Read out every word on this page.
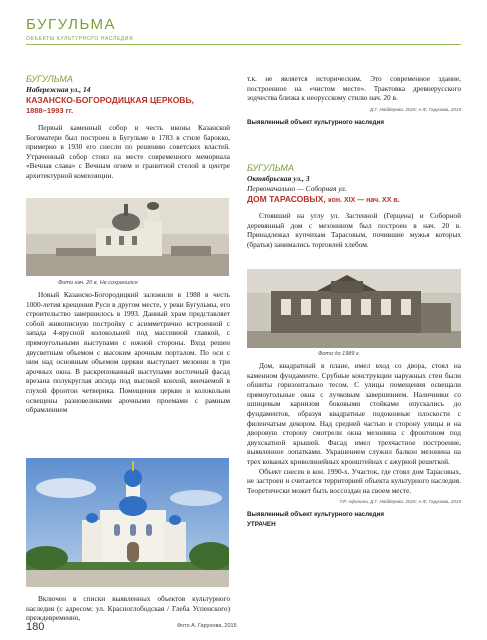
БУГУЛЬМА
ОБЪЕКТЫ КУЛЬТУРНОГО НАСЛЕДИЯ
БУГУЛЬМА
Набережная ул., 14
КАЗАНСКО-БОГОРОДИЦКАЯ ЦЕРКОВЬ,
1888–1993 гг.

Первый каменный собор в честь иконы Казанской Богоматери был построен в Бугульме в 1783 в стиле барокко, примерно в 1930 его снесли по решению советских властей. Утраченный собор стоял на месте современного мемориала «Вечная слава» с Вечным огнем и гранитной стелой в центре архитектурной композиции.

Фото нач. 20 в. Не сохранился

Новый Казанско-Богородицкий заложили в 1988 в честь 1000-летия крещения Руси в другом месте, у реки Бугульмы, его строительство завершилось в 1993. Данный храм представляет собой живописную постройку с асимметрично встроенной с запада 4-ярусной колокольней под массивной главкой, с прямоугольными выступами с южной стороны. Вход решен двусветным объемом с высоким арочным порталом. По оси с ним над основным объемом церкви выступает мезонин в три арочных окна. В раскрепованный выступами восточный фасад врезана полукруглая апсида под высокой конхой, венчаемой в глухой фронтон четверика. Помещения церкви и колокольни освещены разновеликими арочными проемами с рамным обрамлением

Включен в списки выявленных объектов культурного наследия (с адресом: ул. Красноглободская / Глеба Успенского) преждевременно,

т.к. не является историческим. Это современное здание, построенное на «чистом месте». Трактовка древнерусского зодчества близка к неорусскому стилю нач. 20 в.

Д.Г. Найдёрова, 2015; А.Ф. Гарунова, 2015
Выявленный объект культурного наследия
БУГУЛЬМА
Октябрьская ул., 3
Первоначально — Соборная ул.
ДОМ ТАРАСОВЫХ, кон. XIX — нач. XX в.

Стоявший на углу ул. Застенной (Герцена) и Соборной деревянный дом с мезонином был построен в нач. 20 в. Принадлежал купчихам Тарасовым, почившие мужья которых (братья) занимались торговлей хлебом.

Фото до 1989 г.

Дом, квадратный в плане, имел вход со двора, стоял на каменном фундаменте. Срубные конструкции наружных стен были обшиты горизонтально тесом. С улицы помещения освещали прямоугольные окна с лучковым завершением. Наличники со шпицевым карнизом боковыми стойками опускались до фундаментов, образуя квадратные подоконные плоскости с филенчатым декором. Над средней частью в сторону улицы и на дворовую сторону смотрели окна мезонина с фронтоном под двухскатной крышей. Фасад имел трехчастное построение, выявленное лопатками. Украшением служил балкон мезонина на трех кованых криволинейных кронштейнах с ажурной решеткой.

Объект снесен в кон. 1990-х. Участок, где стоял дом Тарасовых, не застроен и считается территорией объекта культурного наследия. Теоретически может быть воссоздан на своем месте.

Т.Р. Афонина, Д.Г. Найдёрова, 2015; А.Ф. Гарунова, 2015
Выявленный объект культурного наследия
УТРАЧЕН
180	Фото А. Гарунова, 2015
